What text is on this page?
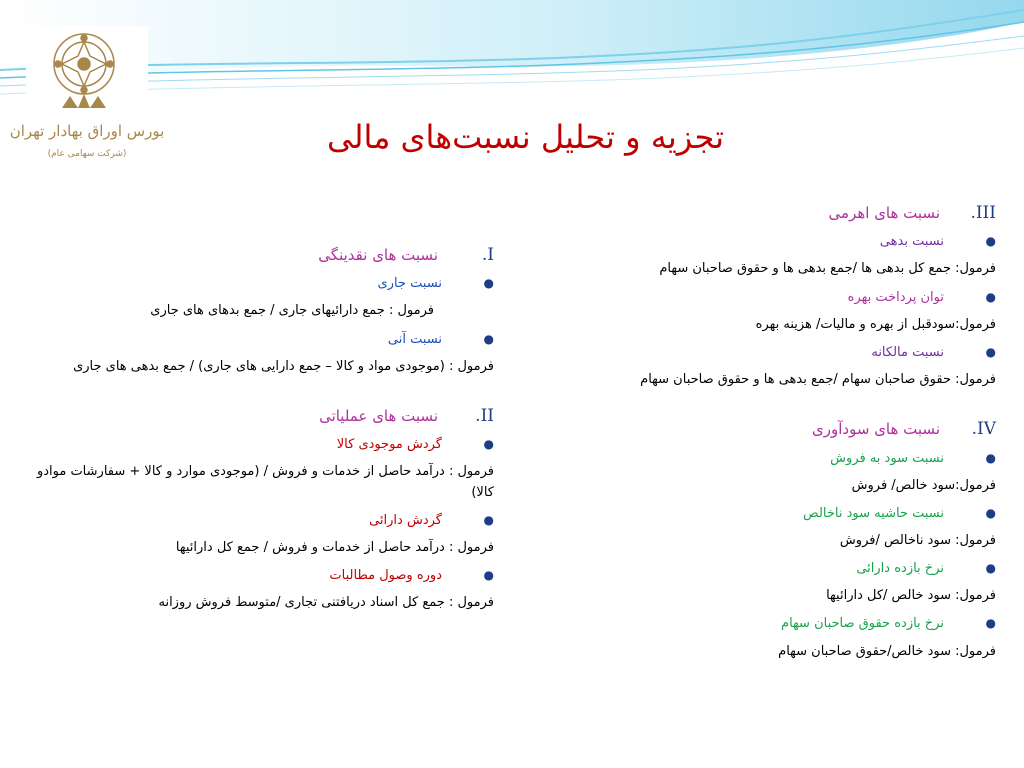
بورس اوراق بهادار تهران
(شرکت سهامی عام)	تجزیه و تحلیل نسبت‌های مالی
III.
نسبت های اهرمی
●
نسبت بدهی
فرمول: جمع کل بدهی ها /جمع بدهی ها و حقوق صاحبان سهام
●
توان پرداخت بهره
فرمول:سودقبل از بهره و مالیات/ هزینه بهره
●
نسبت مالکانه
فرمول: حقوق صاحبان سهام /جمع بدهی ها و حقوق صاحبان سهام
IV.
نسبت های سودآوری
●
نسبت سود به فروش
فرمول:سود خالص/ فروش
●
نسبت حاشیه سود ناخالص
فرمول: سود ناخالص /فروش
●
نرخ بازده دارائی
فرمول: سود خالص /کل دارائیها
●
نرخ بازده حقوق صاحبان سهام
فرمول: سود خالص/حقوق صاحبان سهام
I.
نسبت های نقدینگی
●
نسبت جاری
فرمول : جمع دارائیهای جاری / جمع بدهای های جاری
●
نسبت آنی
فرمول : (موجودی مواد و کالا – جمع دارایی های جاری) / جمع بدهی های جاری
II.
نسبت های عملیاتی
●
گردش موجودی کالا
فرمول : درآمد حاصل از خدمات و فروش / (موجودی موارد و کالا + سفارشات موادو کالا)
●
گردش دارائی
فرمول : درآمد حاصل از خدمات و فروش / جمع کل دارائیها
●
دوره وصول مطالبات
فرمول : جمع کل اسناد دریافتنی تجاری /متوسط فروش روزانه
